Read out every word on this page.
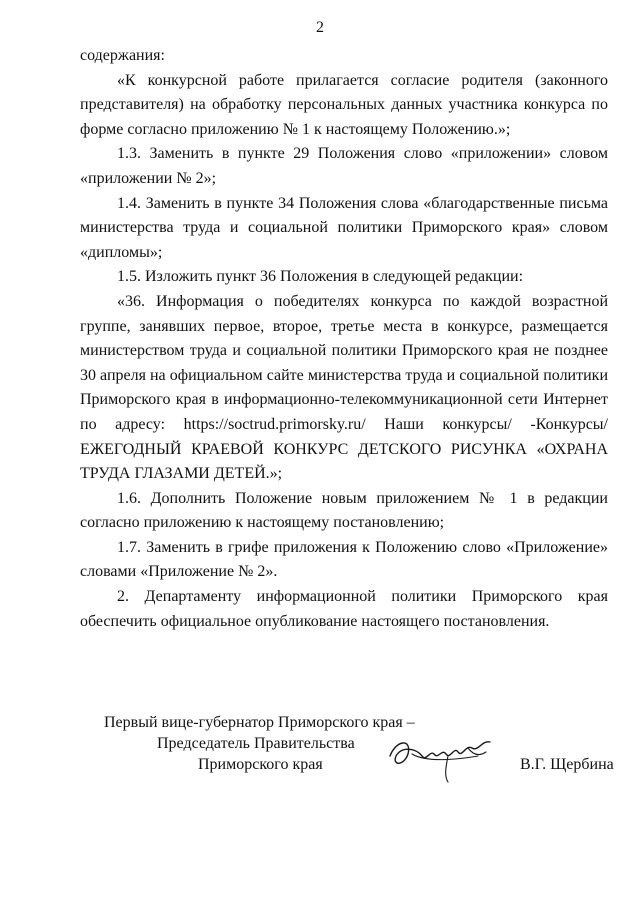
2

содержания:

«К конкурсной работе прилагается согласие родителя (законного представителя) на обработку персональных данных участника конкурса по форме согласно приложению № 1 к настоящему Положению.»;

1.3. Заменить в пункте 29 Положения слово «приложении» словом «приложении № 2»;

1.4. Заменить в пункте 34 Положения слова «благодарственные письма министерства труда и социальной политики Приморского края» словом «дипломы»;

1.5. Изложить пункт 36 Положения в следующей редакции:

«36. Информация о победителях конкурса по каждой возрастной группе, занявших первое, второе, третье места в конкурсе, размещается министерством труда и социальной политики Приморского края не позднее 30 апреля на официальном сайте министерства труда и социальной политики Приморского края в информационно-телекоммуникационной сети Интернет по адресу: https://soctrud.primorsky.ru/ Наши конкурсы/ -Конкурсы/ ЕЖЕГОДНЫЙ КРАЕВОЙ КОНКУРС ДЕТСКОГО РИСУНКА «ОХРАНА ТРУДА ГЛАЗАМИ ДЕТЕЙ.»;

1.6. Дополнить Положение новым приложением № 1 в редакции согласно приложению к настоящему постановлению;

1.7. Заменить в грифе приложения к Положению слово «Приложение» словами «Приложение № 2».

2. Департаменту информационной политики Приморского края обеспечить официальное опубликование настоящего постановления.

Первый вице-губернатор Приморского края –
Председатель Правительства
Приморского края	В.Г. Щербина
